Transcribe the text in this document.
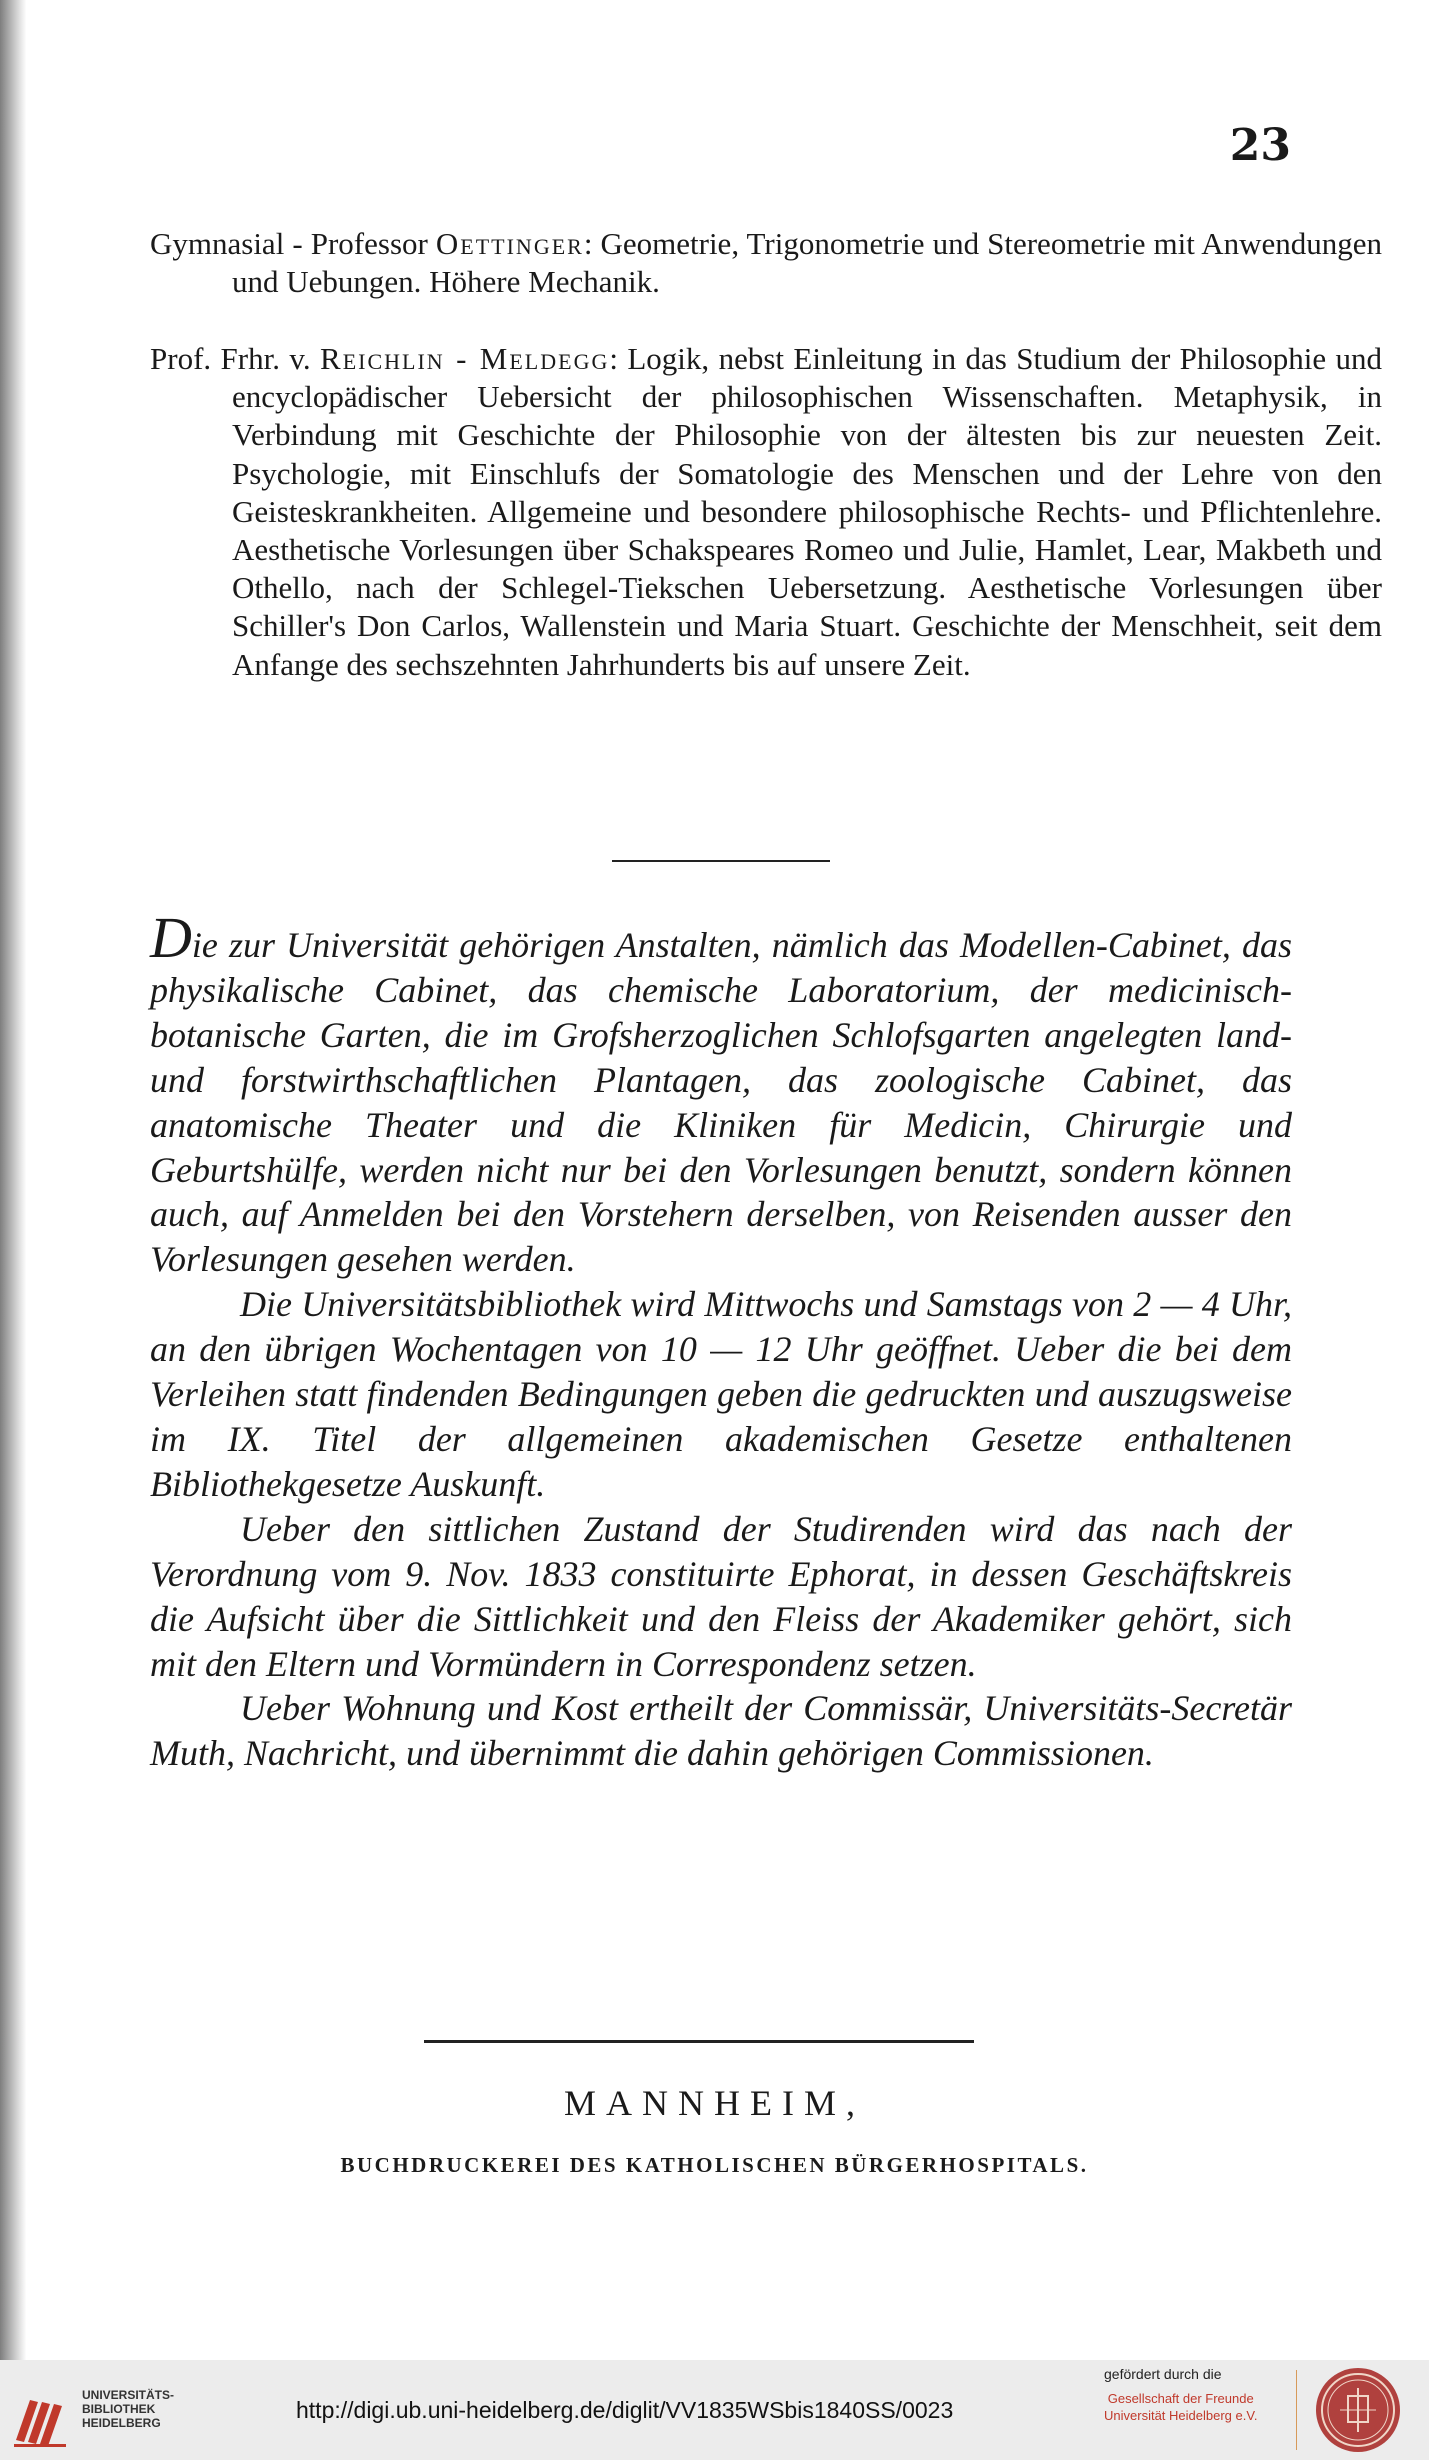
23

Gymnasial - Professor Oettinger: Geometrie, Trigonometrie und Stereometrie mit Anwendungen und Uebungen. Höhere Mechanik.

Prof. Frhr. v. Reichlin - Meldegg: Logik, nebst Einleitung in das Studium der Philosophie und encyclopädischer Uebersicht der philosophischen Wissenschaften. Metaphysik, in Verbindung mit Geschichte der Philosophie von der ältesten bis zur neuesten Zeit. Psychologie, mit Einschlufs der Somatologie des Menschen und der Lehre von den Geisteskrankheiten. Allgemeine und besondere philosophische Rechts- und Pflichtenlehre. Aesthetische Vorlesungen über Schakspeares Romeo und Julie, Hamlet, Lear, Makbeth und Othello, nach der Schlegel-Tiekschen Uebersetzung. Aesthetische Vorlesungen über Schiller's Don Carlos, Wallenstein und Maria Stuart. Geschichte der Menschheit, seit dem Anfange des sechszehnten Jahrhunderts bis auf unsere Zeit.

Die zur Universität gehörigen Anstalten, nämlich das Modellen-Cabinet, das physikalische Cabinet, das chemische Laboratorium, der medicinisch-botanische Garten, die im Grofsherzoglichen Schlofsgarten angelegten land- und forstwirthschaftlichen Plantagen, das zoologische Cabinet, das anatomische Theater und die Kliniken für Medicin, Chirurgie und Geburtshülfe, werden nicht nur bei den Vorlesungen benutzt, sondern können auch, auf Anmelden bei den Vorstehern derselben, von Reisenden ausser den Vorlesungen gesehen werden.

Die Universitätsbibliothek wird Mittwochs und Samstags von 2 — 4 Uhr, an den übrigen Wochentagen von 10 — 12 Uhr geöffnet. Ueber die bei dem Verleihen statt findenden Bedingungen geben die gedruckten und auszugsweise im IX. Titel der allgemeinen akademischen Gesetze enthaltenen Bibliothekgesetze Auskunft.

Ueber den sittlichen Zustand der Studirenden wird das nach der Verordnung vom 9. Nov. 1833 constituirte Ephorat, in dessen Geschäftskreis die Aufsicht über die Sittlichkeit und den Fleiss der Akademiker gehört, sich mit den Eltern und Vormündern in Correspondenz setzen.

Ueber Wohnung und Kost ertheilt der Commissär, Universitäts-Secretär Muth, Nachricht, und übernimmt die dahin gehörigen Commissionen.

MANNHEIM,

BUCHDRUCKEREI DES KATHOLISCHEN BÜRGERHOSPITALS.

UNIVERSITÄTS-
BIBLIOTHEK
HEIDELBERG	http://digi.ub.uni-heidelberg.de/diglit/VV1835WSbis1840SS/0023
gefördert durch die
Gesellschaft der Freunde
Universität Heidelberg e.V.
